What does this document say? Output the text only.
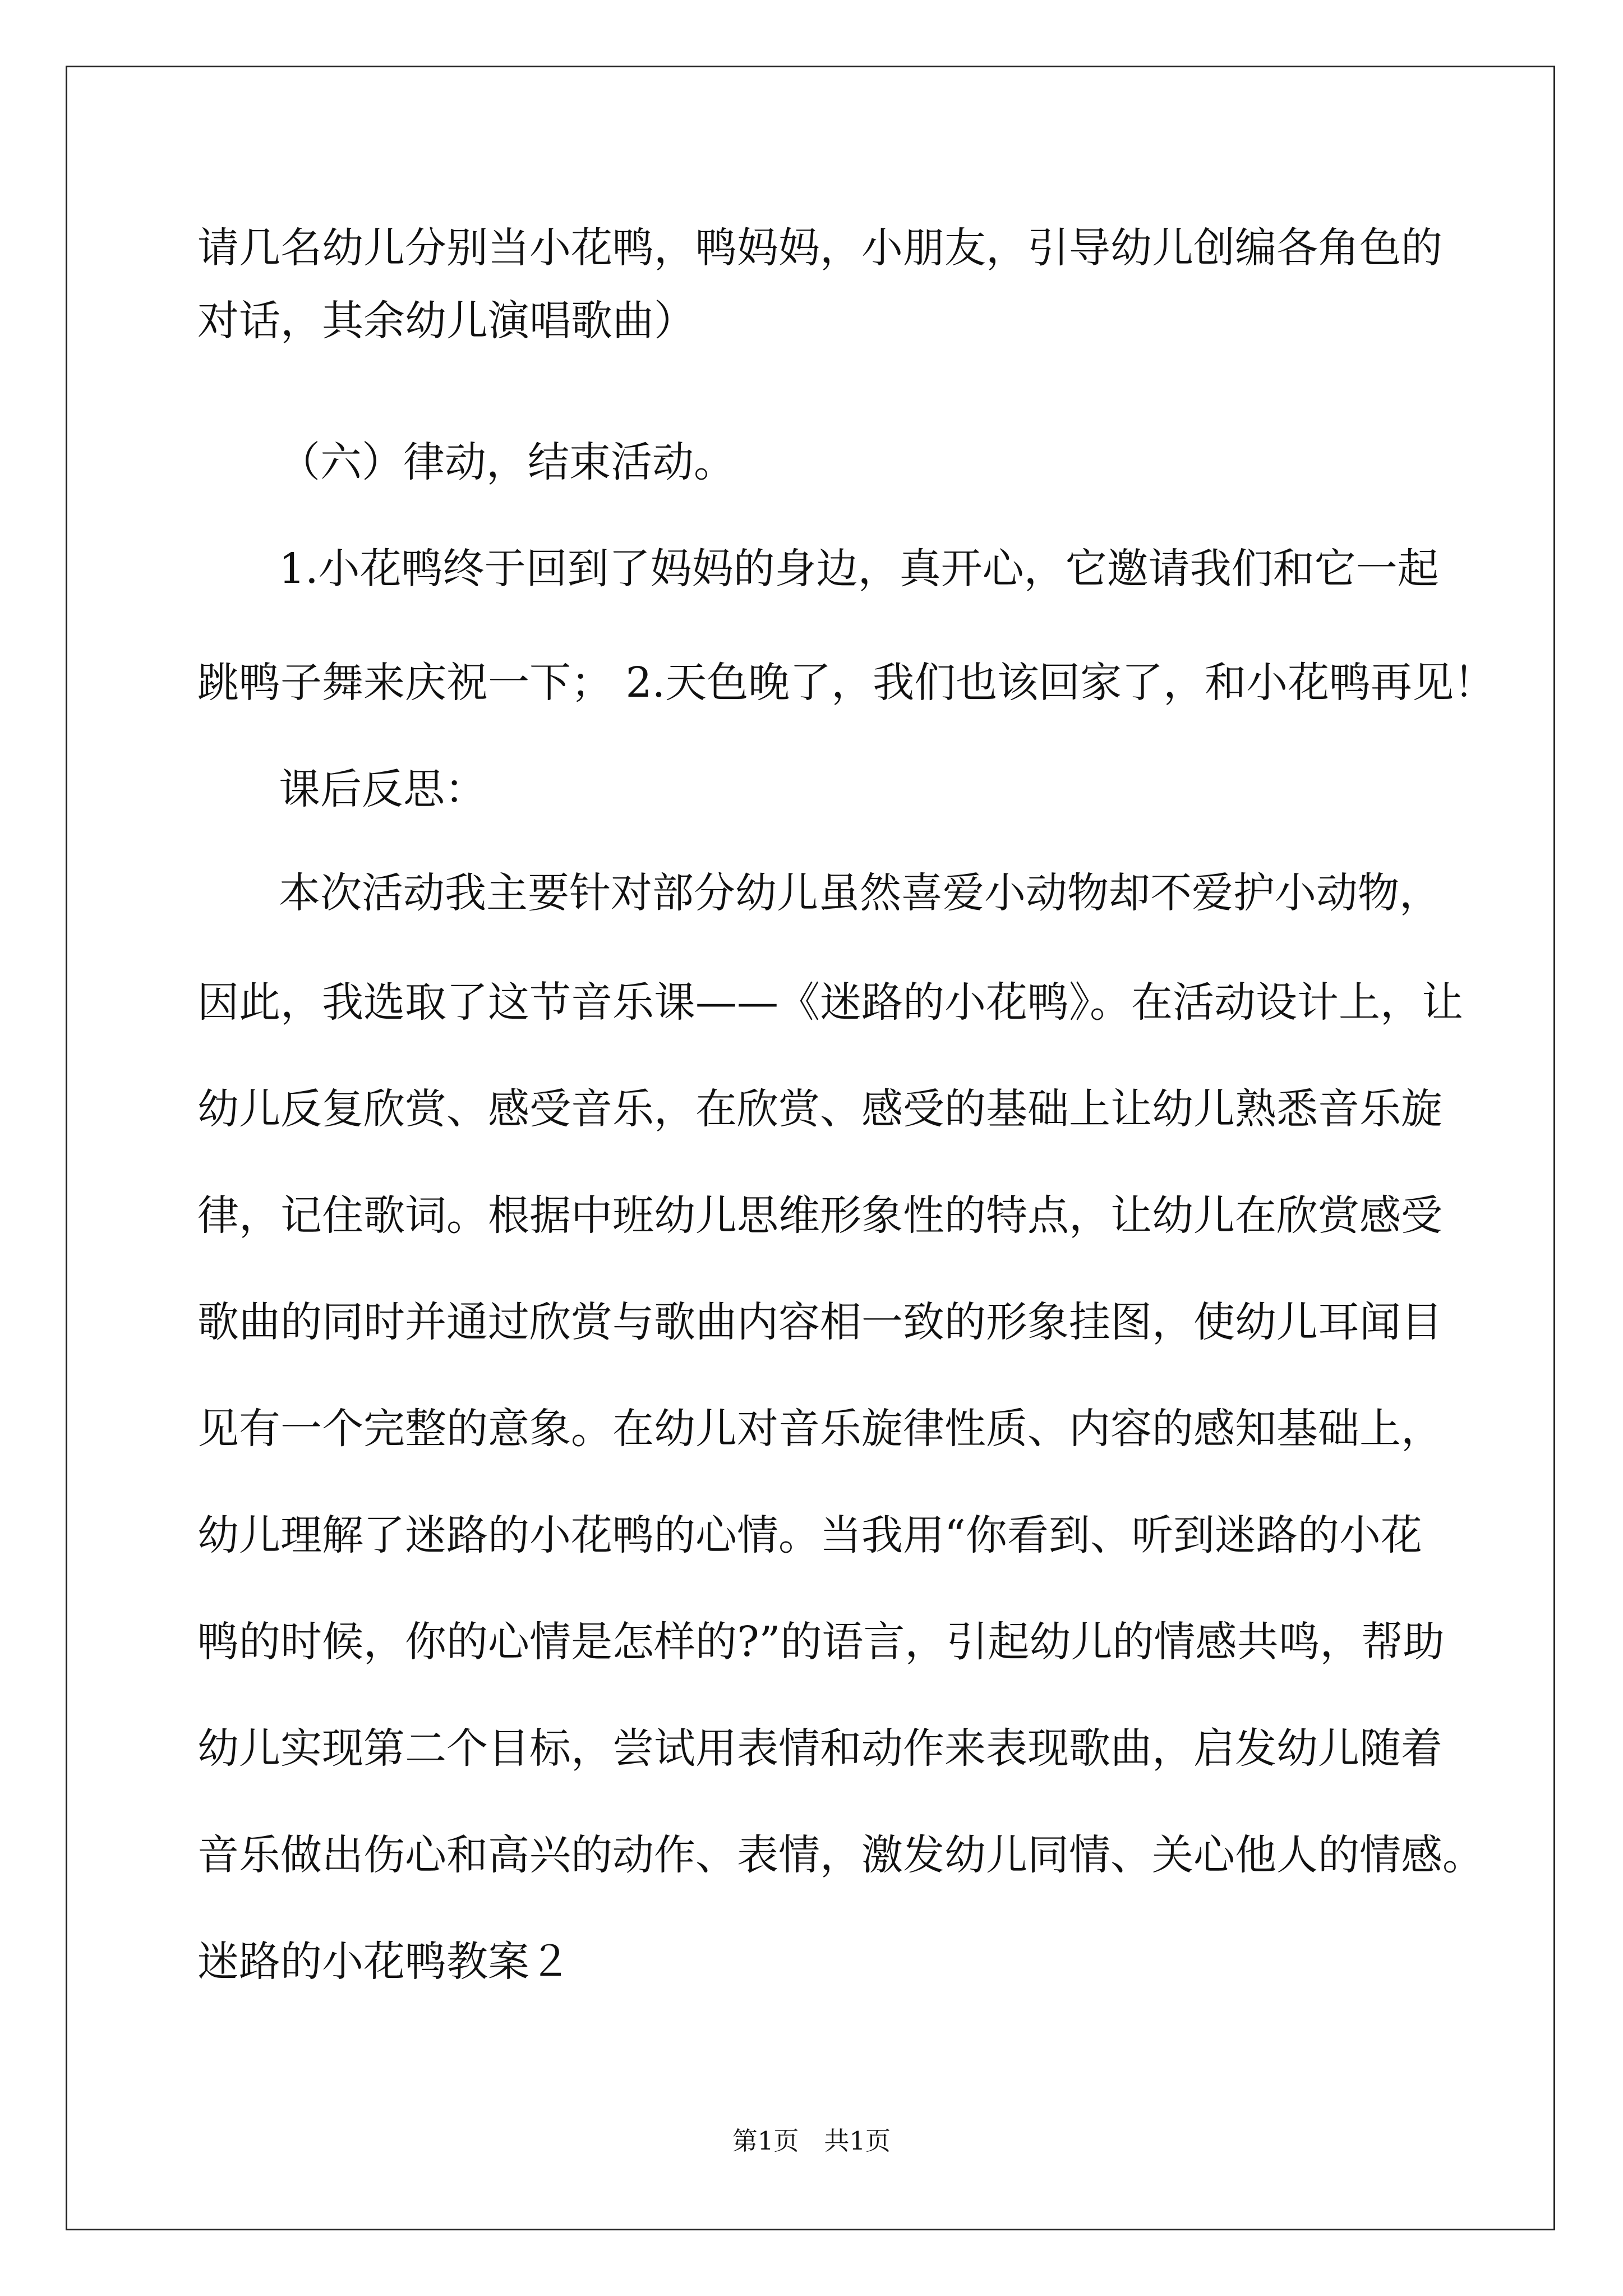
请几名幼儿分别当小花鸭，鸭妈妈，小朋友，引导幼儿创编各角色的
对话，其余幼儿演唱歌曲）
（六）律动，结束活动。
1.小花鸭终于回到了妈妈的身边，真开心，它邀请我们和它一起
跳鸭子舞来庆祝一下； 2.天色晚了，我们也该回家了，和小花鸭再见！
课后反思：
本次活动我主要针对部分幼儿虽然喜爱小动物却不爱护小动物，
因此，我选取了这节音乐课——《迷路的小花鸭》。在活动设计上，让
幼儿反复欣赏、感受音乐，在欣赏、感受的基础上让幼儿熟悉音乐旋
律，记住歌词。根据中班幼儿思维形象性的特点，让幼儿在欣赏感受
歌曲的同时并通过欣赏与歌曲内容相一致的形象挂图，使幼儿耳闻目
见有一个完整的意象。在幼儿对音乐旋律性质、内容的感知基础上，
幼儿理解了迷路的小花鸭的心情。当我用“你看到、听到迷路的小花
鸭的时候，你的心情是怎样的?”的语言，引起幼儿的情感共鸣，帮助
幼儿实现第二个目标，尝试用表情和动作来表现歌曲，启发幼儿随着
音乐做出伤心和高兴的动作、表情，激发幼儿同情、关心他人的情感。
迷路的小花鸭教案２
第1页　共1页
